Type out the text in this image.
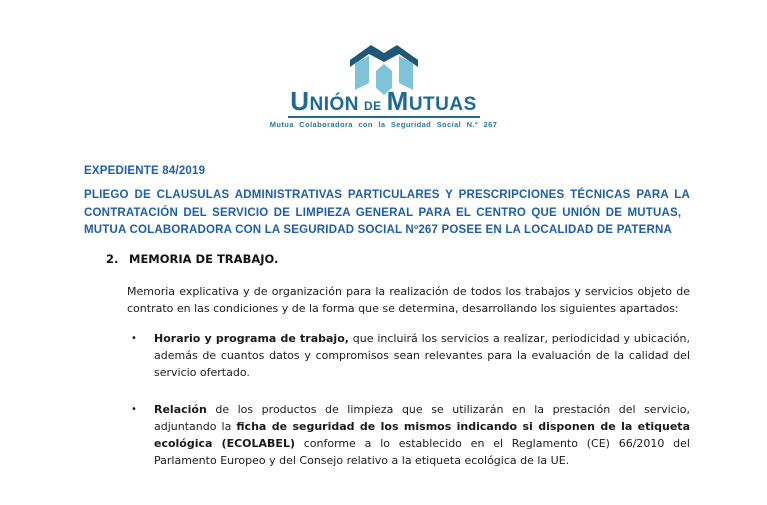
UNIÓN DE MUTUAS
Mutua Colaboradora con la Seguridad Social N.º 267

EXPEDIENTE 84/2019

PLIEGO DE CLAUSULAS ADMINISTRATIVAS PARTICULARES Y PRESCRIPCIONES TÉCNICAS PARA LA CONTRATACIÓN DEL SERVICIO DE LIMPIEZA GENERAL PARA EL CENTRO QUE UNIÓN DE MUTUAS,   MUTUA COLABORADORA CON LA SEGURIDAD SOCIAL Nº267 POSEE EN LA LOCALIDAD DE PATERNA

2. MEMORIA DE TRABAJO.

Memoria explicativa y de organización para la realización de todos los trabajos y servicios objeto de contrato en las condiciones y de la forma que se determina, desarrollando los siguientes apartados:

•	Horario y programa de trabajo, que incluirá los servicios a realizar, periodicidad y ubicación, además de cuantos datos y compromisos sean relevantes para la evaluación de la calidad del servicio ofertado.
•	Relación de los productos de limpieza que se utilizarán en la prestación del servicio, adjuntando la ficha de seguridad de los mismos indicando si disponen de la etiqueta ecológica (ECOLABEL) conforme a lo establecido en el Reglamento (CE) 66/2010 del Parlamento Europeo y del Consejo relativo a la etiqueta ecológica de la UE.
